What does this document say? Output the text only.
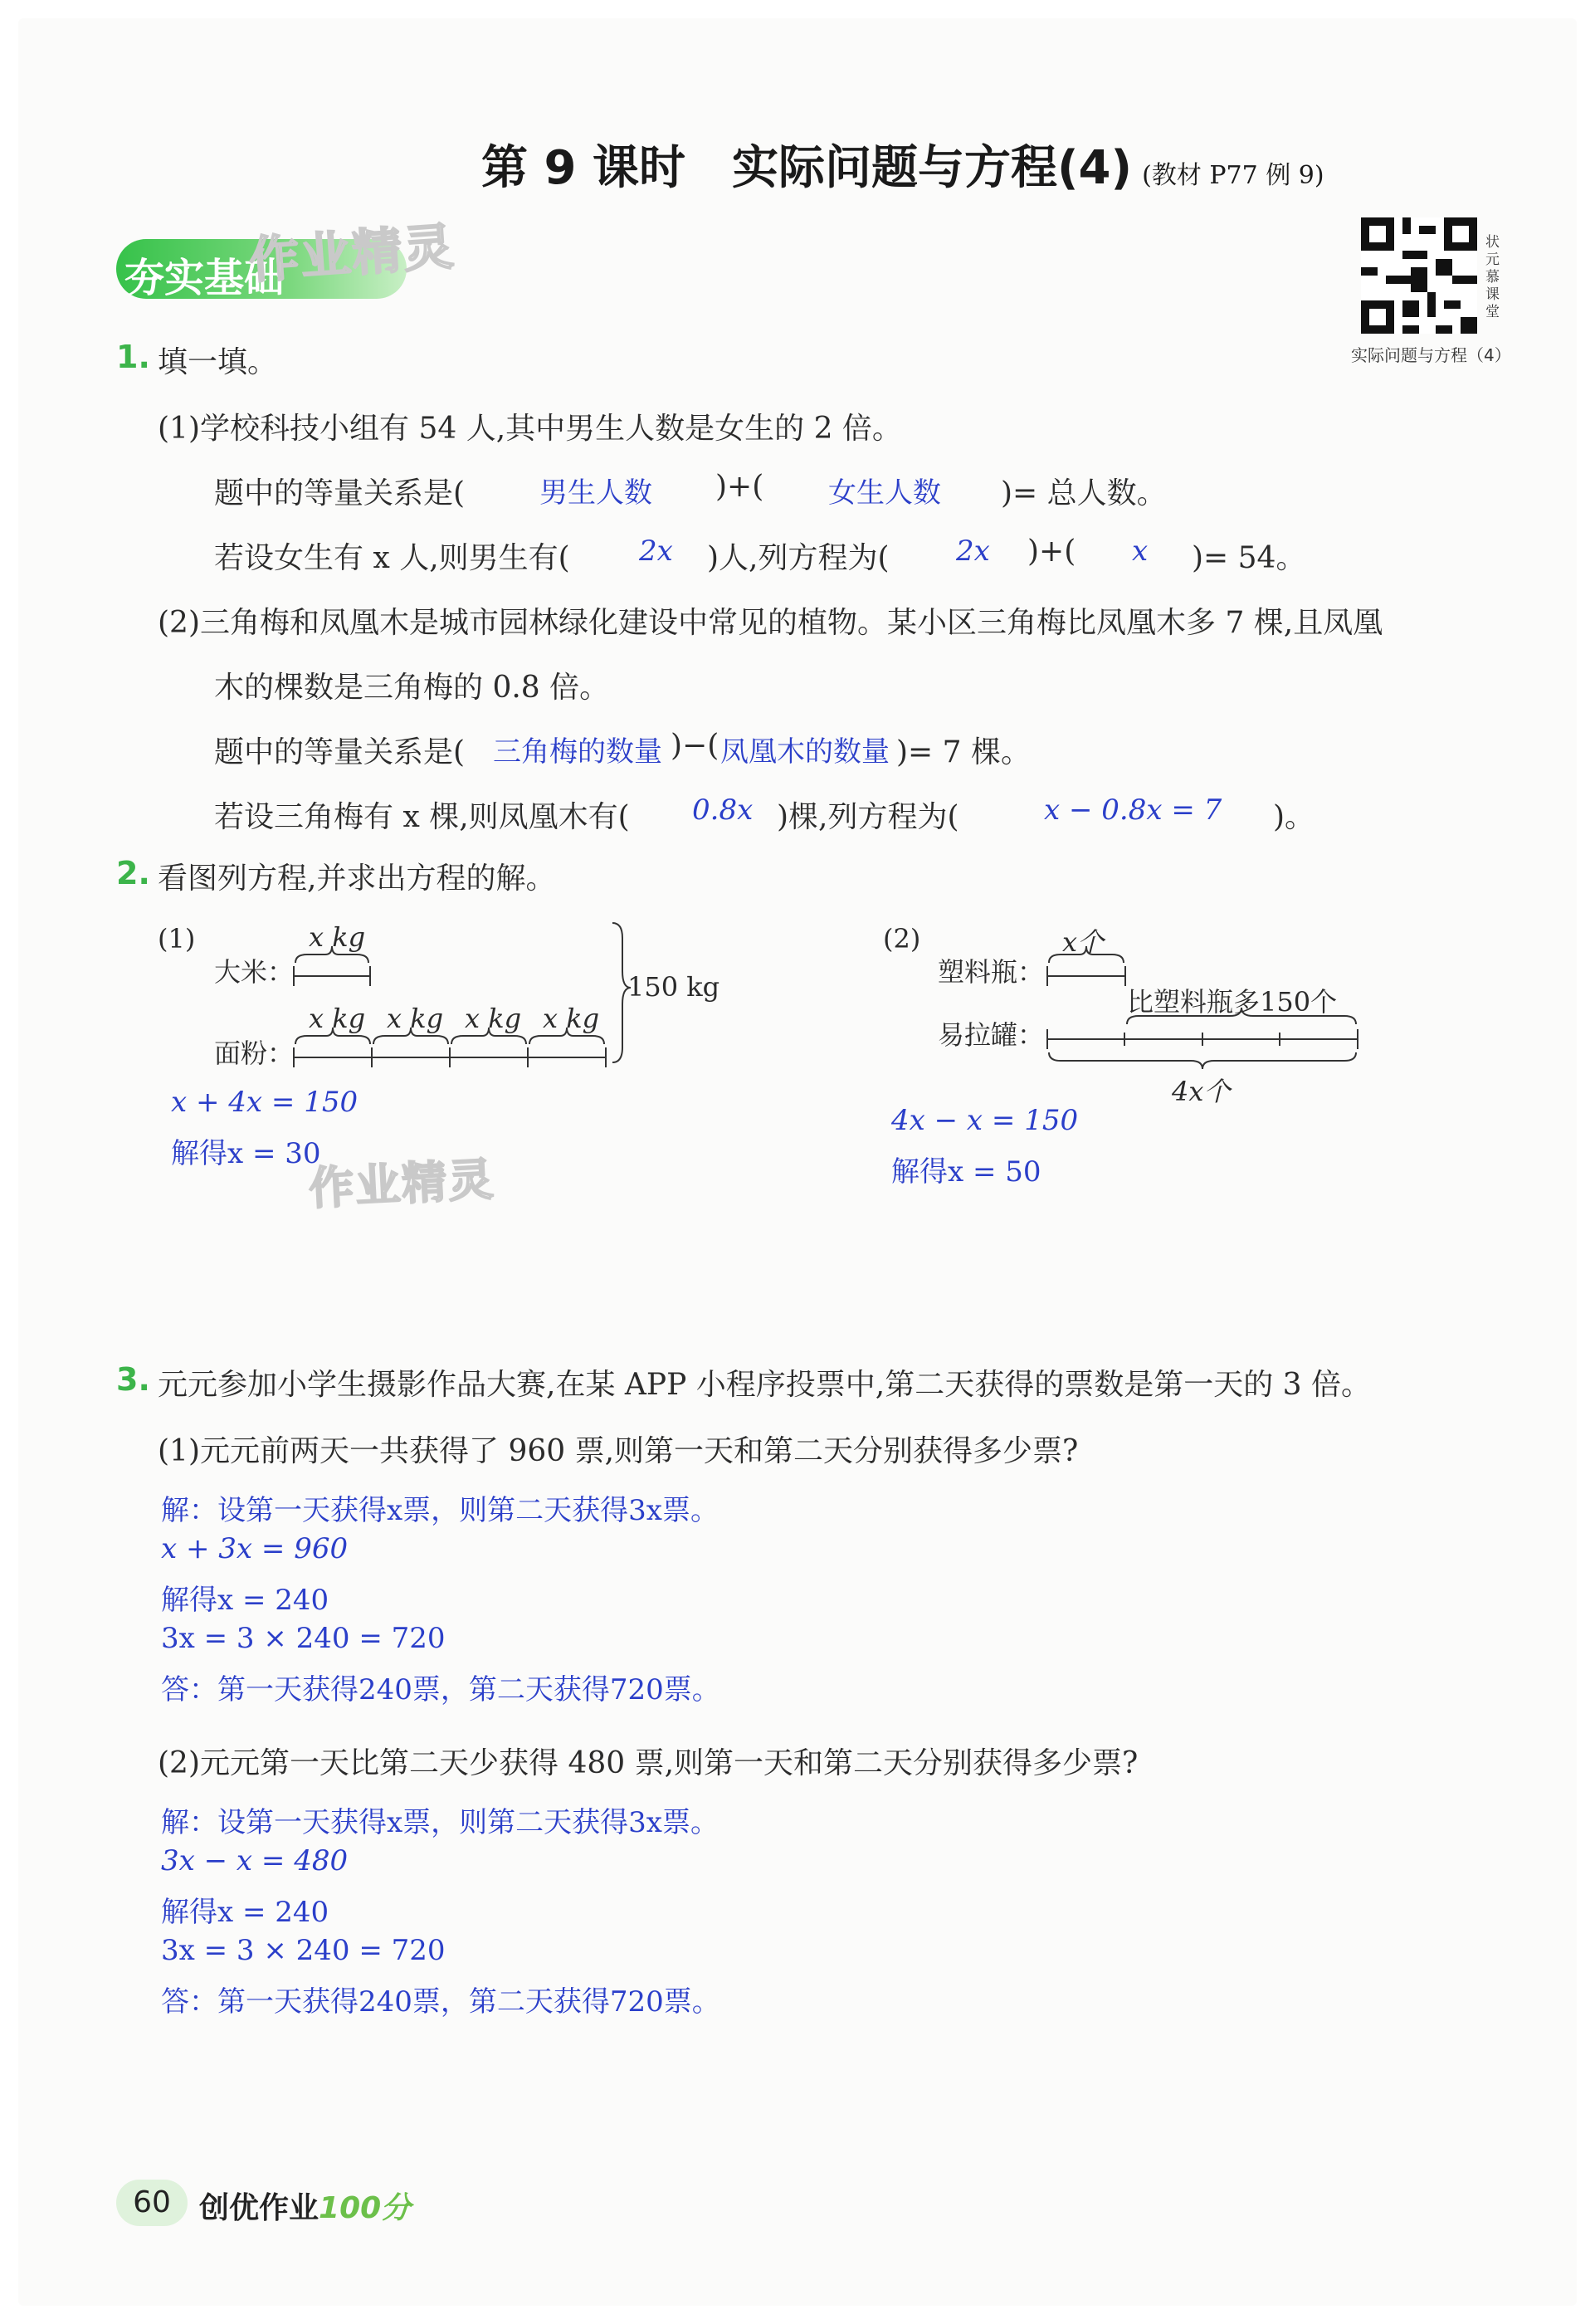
第 9 课时　实际问题与方程(4) (教材 P77 例 9)
夯实基础
作业精灵	状元慕课堂
实际问题与方程（4）
1. 填一填。
(1)学校科技小组有 54 人,其中男生人数是女生的 2 倍。
题中的等量关系是(	男生人数 )+( 女生人数 )= 总人数。
若设女生有 x 人,则男生有( 2x )人,列方程为( 2x )+( x )= 54。
(2)三角梅和凤凰木是城市园林绿化建设中常见的植物。某小区三角梅比凤凰木多 7 棵,且凤凰
木的棵数是三角梅的 0.8 倍。
题中的等量关系是( 三角梅的数量 )−( 凤凰木的数量 )= 7 棵。
若设三角梅有 x 棵,则凤凰木有( 0.8x )棵,列方程为(	x − 0.8x = 7 )。
2. 看图列方程,并求出方程的解。
(1)
大米：
面粉：
x kg
x kg x kg x kg x kg
150 kg
x + 4x = 150
解得x = 30
作业精灵
(2)
塑料瓶：
易拉罐：
x个
比塑料瓶多150个
4x个
4x − x = 150
解得x = 50
3. 元元参加小学生摄影作品大赛,在某 APP 小程序投票中,第二天获得的票数是第一天的 3 倍。
(1)元元前两天一共获得了 960 票,则第一天和第二天分别获得多少票?
解：设第一天获得x票，则第二天获得3x票。
x + 3x = 960
解得x = 240
3x = 3 × 240 = 720
答：第一天获得240票，第二天获得720票。
(2)元元第一天比第二天少获得 480 票,则第一天和第二天分别获得多少票?
解：设第一天获得x票，则第二天获得3x票。
3x − x = 480
解得x = 240
3x = 3 × 240 = 720
答：第一天获得240票，第二天获得720票。
60 创优作业100分
